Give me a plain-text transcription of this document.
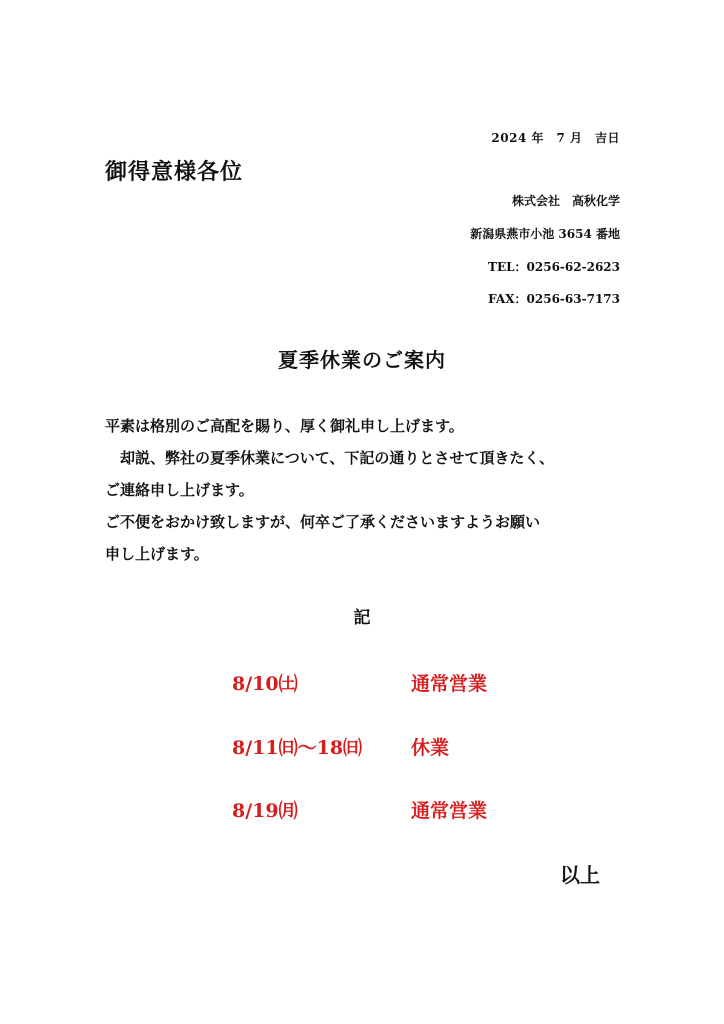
2024 年　7 月　吉日
御得意様各位
株式会社　高秋化学
新潟県燕市小池 3654 番地
TEL：0256-62-2623
FAX：0256-63-7173
夏季休業のご案内
平素は格別のご高配を賜り、厚く御礼申し上げます。
　却説、弊社の夏季休業について、下記の通りとさせて頂きたく、
ご連絡申し上げます。
ご不便をおかけ致しますが、何卒ご了承くださいますようお願い
申し上げます。
記
8/10㈯	通常営業
8/11㈰～18㈰	休業
8/19㈪	通常営業
以上
